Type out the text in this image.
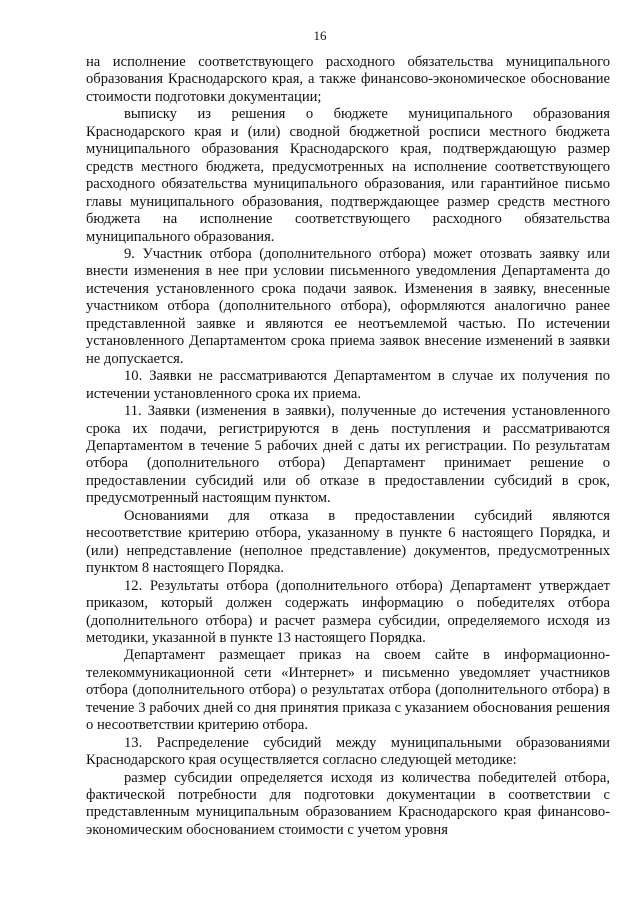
16

на исполнение соответствующего расходного обязательства муниципального образования Краснодарского края, а также финансово-экономическое обоснование стоимости подготовки документации;

выписку из решения о бюджете муниципального образования Краснодарского края и (или) сводной бюджетной росписи местного бюджета муниципального образования Краснодарского края, подтверждающую размер средств местного бюджета, предусмотренных на исполнение соответствующего расходного обязательства муниципального образования, или гарантийное письмо главы муниципального образования, подтверждающее размер средств местного бюджета на исполнение соответствующего расходного обязательства муниципального образования.

9. Участник отбора (дополнительного отбора) может отозвать заявку или внести изменения в нее при условии письменного уведомления Департамента до истечения установленного срока подачи заявок. Изменения в заявку, внесенные участником отбора (дополнительного отбора), оформляются аналогично ранее представленной заявке и являются ее неотъемлемой частью. По истечении установленного Департаментом срока приема заявок внесение изменений в заявки не допускается.

10. Заявки не рассматриваются Департаментом в случае их получения по истечении установленного срока их приема.

11. Заявки (изменения в заявки), полученные до истечения установленного срока их подачи, регистрируются в день поступления и рассматриваются Департаментом в течение 5 рабочих дней с даты их регистрации. По результатам отбора (дополнительного отбора) Департамент принимает решение о предоставлении субсидий или об отказе в предоставлении субсидий в срок, предусмотренный настоящим пунктом.

Основаниями для отказа в предоставлении субсидий являются несоответствие критерию отбора, указанному в пункте 6 настоящего Порядка, и (или) непредставление (неполное представление) документов, предусмотренных пунктом 8 настоящего Порядка.

12. Результаты отбора (дополнительного отбора) Департамент утверждает приказом, который должен содержать информацию о победителях отбора (дополнительного отбора) и расчет размера субсидии, определяемого исходя из методики, указанной в пункте 13 настоящего Порядка.

Департамент размещает приказ на своем сайте в информационно-телекоммуникационной сети «Интернет» и письменно уведомляет участников отбора (дополнительного отбора) о результатах отбора (дополнительного отбора) в течение 3 рабочих дней со дня принятия приказа с указанием обоснования решения о несоответствии критерию отбора.

13. Распределение субсидий между муниципальными образованиями Краснодарского края осуществляется согласно следующей методике:

размер субсидии определяется исходя из количества победителей отбора, фактической потребности для подготовки документации в соответствии с представленным муниципальным образованием Краснодарского края финансово-экономическим обоснованием стоимости с учетом уровня
